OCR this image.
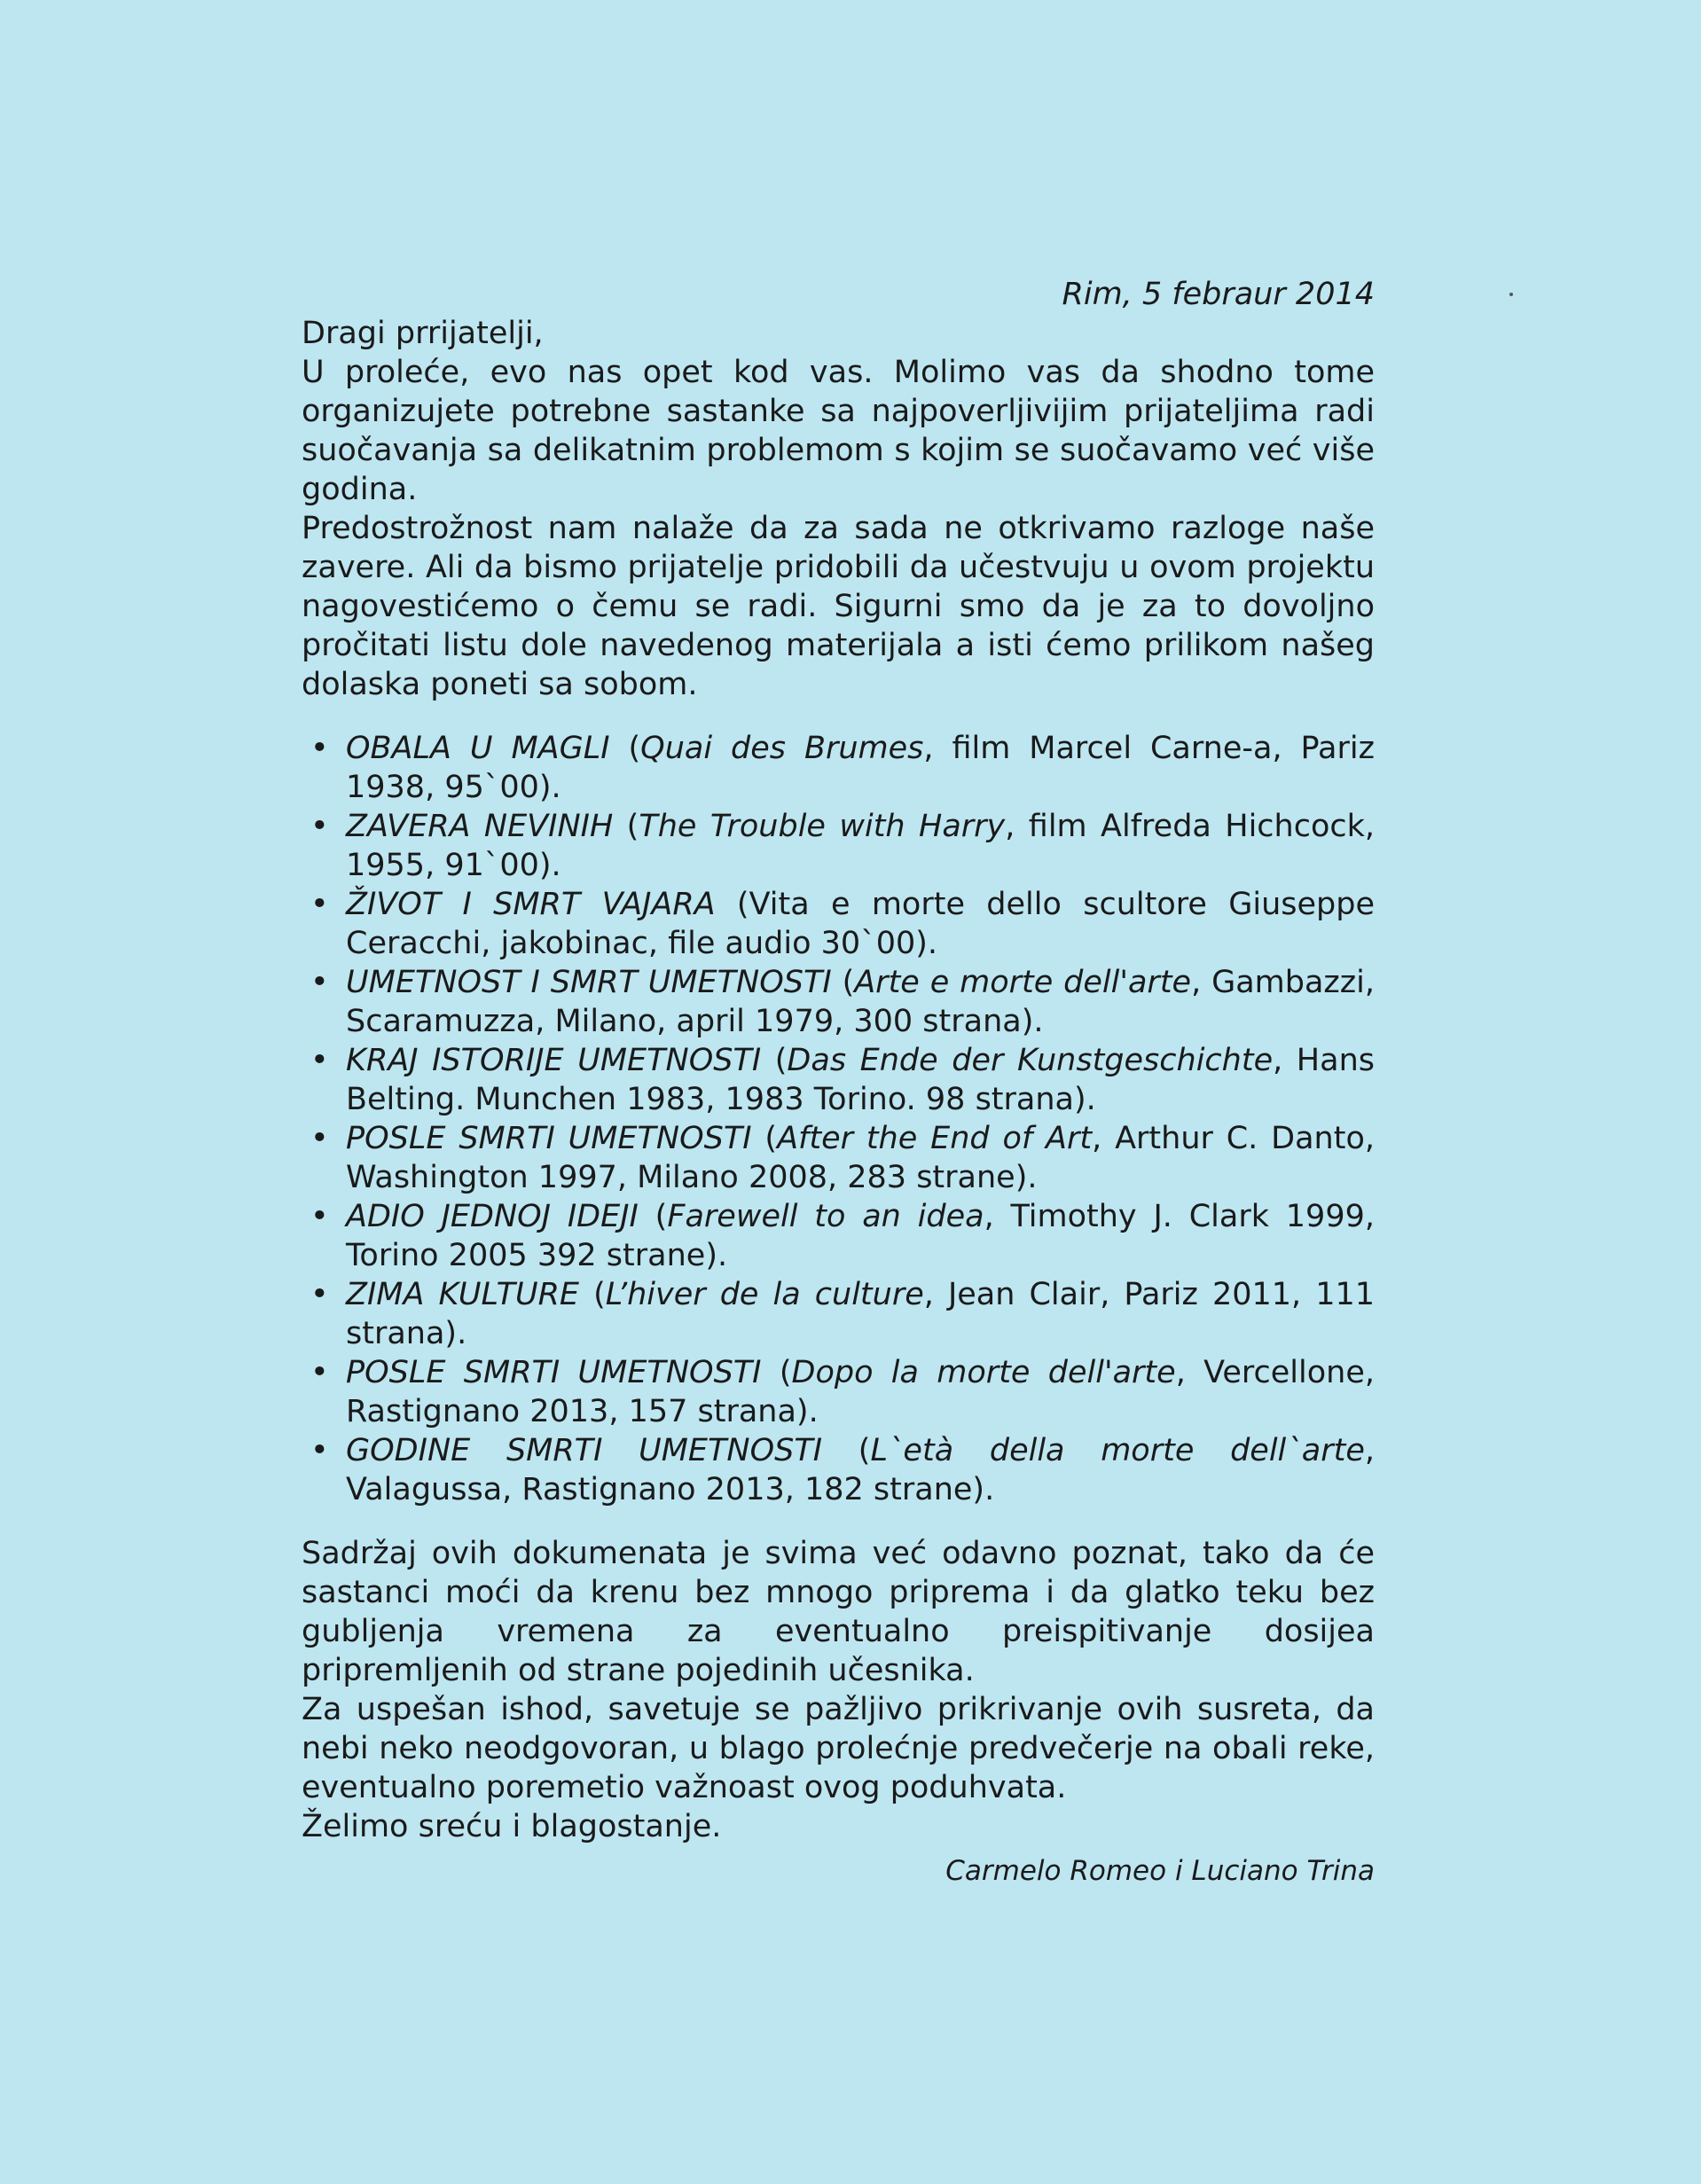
Rim, 5 febraur 2014

Dragi prrijatelji,

U proleće, evo nas opet kod vas. Molimo vas da shodno tome organizujete potrebne sastanke sa najpoverljivijim prijateljima radi suočavanja sa delikatnim problemom s kojim se suočavamo već više godina.

Predostrožnost nam nalaže da za sada ne otkrivamo razloge naše zavere. Ali da bismo prijatelje pridobili da učestvuju u ovom projektu nagovestićemo o čemu se radi. Sigurni smo da je za to dovoljno pročitati listu dole navedenog materijala a isti ćemo prilikom našeg dolaska poneti sa sobom.

• OBALA U MAGLI (Quai des Brumes, film Marcel Carne-a, Pariz 1938, 95`00).
• ZAVERA NEVINIH (The Trouble with Harry, film Alfreda Hichcock, 1955, 91`00).
• ŽIVOT I SMRT VAJARA (Vita e morte dello scultore Giuseppe Ceracchi, jakobinac, file audio 30`00).
• UMETNOST I SMRT UMETNOSTI (Arte e morte dell'arte, Gambazzi, Scaramuzza, Milano, april 1979, 300 strana).
• KRAJ ISTORIJE UMETNOSTI (Das Ende der Kunstgeschichte, Hans Belting. Munchen 1983, 1983 Torino. 98 strana).
• POSLE SMRTI UMETNOSTI (After the End of Art, Arthur C. Danto, Washington 1997, Milano 2008, 283 strane).
• ADIO JEDNOJ IDEJI (Farewell to an idea, Timothy J. Clark 1999, Torino 2005 392 strane).
• ZIMA KULTURE (L’hiver de la culture, Jean Clair, Pariz 2011, 111 strana).
• POSLE SMRTI UMETNOSTI (Dopo la morte dell'arte, Vercellone, Rastignano 2013, 157 strana).
• GODINE SMRTI UMETNOSTI (L`età della morte dell`arte, Valagussa, Rastignano 2013, 182 strane).

Sadržaj ovih dokumenata je svima već odavno poznat, tako da će sastanci moći da krenu bez mnogo priprema i da glatko teku bez gubljenja vremena za eventualno preispitivanje dosijea pripremljenih od strane pojedinih učesnika.

Za uspešan ishod, savetuje se pažljivo prikrivanje ovih susreta, da nebi neko neodgovoran, u blago prolećnje predvečerje na obali reke, eventualno poremetio važnoast ovog poduhvata.

Želimo sreću i blagostanje.

Carmelo Romeo i Luciano Trina
